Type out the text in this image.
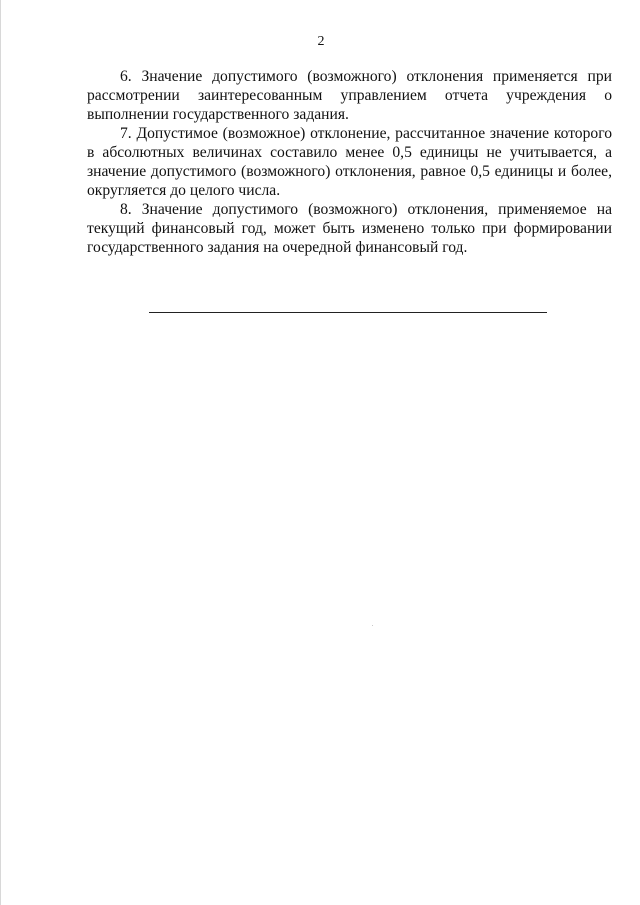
2

6. Значение допустимого (возможного) отклонения применяется при рассмотрении заинтересованным управлением отчета учреждения о выполнении государственного задания.

7. Допустимое (возможное) отклонение, рассчитанное значение которого в абсолютных величинах составило менее 0,5 единицы не учитывается, а значение допустимого (возможного) отклонения, равное 0,5 единицы и более, округляется до целого числа.

8. Значение допустимого (возможного) отклонения, применяемое на текущий финансовый год, может быть изменено только при формировании государственного задания на очередной финансовый год.
